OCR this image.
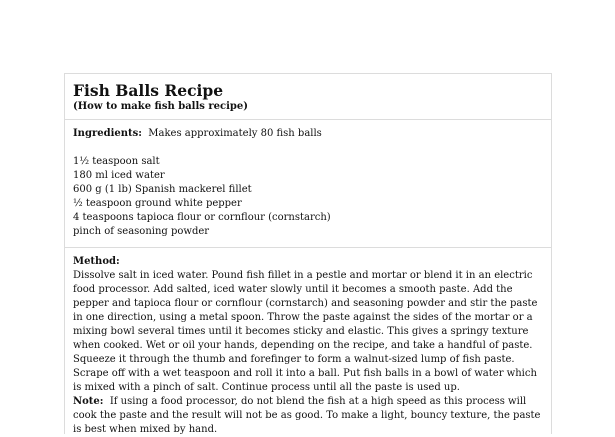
Fish Balls Recipe
(How to make fish balls recipe)
Ingredients: Makes approximately 80 fish balls
1½ teaspoon salt
180 ml iced water
600 g (1 lb) Spanish mackerel fillet
½ teaspoon ground white pepper
4 teaspoons tapioca flour or cornflour (cornstarch)
pinch of seasoning powder
Method:
Dissolve salt in iced water. Pound fish fillet in a pestle and mortar or blend it in an electric food processor. Add salted, iced water slowly until it becomes a smooth paste. Add the pepper and tapioca flour or cornflour (cornstarch) and seasoning powder and stir the paste in one direction, using a metal spoon. Throw the paste against the sides of the mortar or a mixing bowl several times until it becomes sticky and elastic. This gives a springy texture when cooked. Wet or oil your hands, depending on the recipe, and take a handful of paste. Squeeze it through the thumb and forefinger to form a walnut-sized lump of fish paste. Scrape off with a wet teaspoon and roll it into a ball. Put fish balls in a bowl of water which is mixed with a pinch of salt. Continue process until all the paste is used up.
Note: If using a food processor, do not blend the fish at a high speed as this process will cook the paste and the result will not be as good. To make a light, bouncy texture, the paste is best when mixed by hand.
